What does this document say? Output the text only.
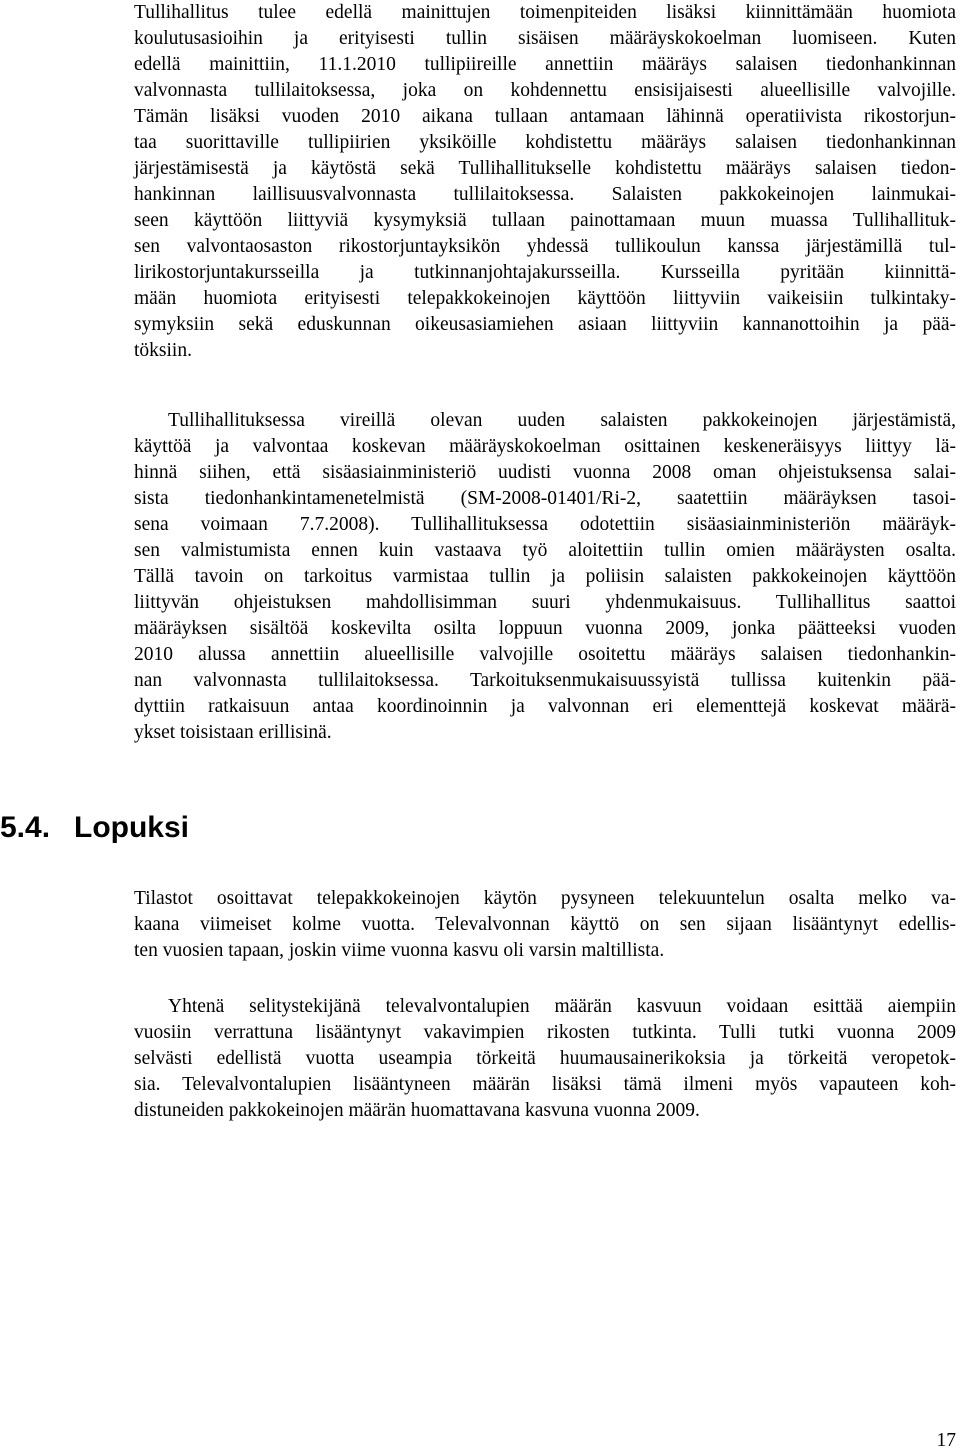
Tullihallitus tulee edellä mainittujen toimenpiteiden lisäksi kiinnittämään huomiota
koulutusasioihin ja erityisesti tullin sisäisen määräyskokoelman luomiseen. Kuten
edellä mainittiin, 11.1.2010 tullipiireille annettiin määräys salaisen tiedonhankinnan
valvonnasta tullilaitoksessa, joka on kohdennettu ensisijaisesti alueellisille valvojille.
Tämän lisäksi vuoden 2010 aikana tullaan antamaan lähinnä operatiivista rikostorjun-
taa suorittaville tullipiirien yksiköille kohdistettu määräys salaisen tiedonhankinnan
järjestämisestä ja käytöstä sekä Tullihallitukselle kohdistettu määräys salaisen tiedon-
hankinnan laillisuusvalvonnasta tullilaitoksessa. Salaisten pakkokeinojen lainmukai-
seen käyttöön liittyviä kysymyksiä tullaan painottamaan muun muassa Tullihallituk-
sen valvontaosaston rikostorjuntayksikön yhdessä tullikoulun kanssa järjestämillä tul-
lirikostorjuntakursseilla ja tutkinnanjohtajakursseilla. Kursseilla pyritään kiinnittä-
mään huomiota erityisesti telepakkokeinojen käyttöön liittyviin vaikeisiin tulkintaky-
symyksiin sekä eduskunnan oikeusasiamiehen asiaan liittyviin kannanottoihin ja pää-
töksiin.
Tullihallituksessa vireillä olevan uuden salaisten pakkokeinojen järjestämistä,
käyttöä ja valvontaa koskevan määräyskokoelman osittainen keskeneräisyys liittyy lä-
hinnä siihen, että sisäasiainministeriö uudisti vuonna 2008 oman ohjeistuksensa salai-
sista tiedonhankintamenetelmistä (SM-2008-01401/Ri-2, saatettiin määräyksen tasoi-
sena voimaan 7.7.2008). Tullihallituksessa odotettiin sisäasiainministeriön määräyk-
sen valmistumista ennen kuin vastaava työ aloitettiin tullin omien määräysten osalta.
Tällä tavoin on tarkoitus varmistaa tullin ja poliisin salaisten pakkokeinojen käyttöön
liittyvän ohjeistuksen mahdollisimman suuri yhdenmukaisuus. Tullihallitus saattoi
määräyksen sisältöä koskevilta osilta loppuun vuonna 2009, jonka päätteeksi vuoden
2010 alussa annettiin alueellisille valvojille osoitettu määräys salaisen tiedonhankin-
nan valvonnasta tullilaitoksessa. Tarkoituksenmukaisuussyistä tullissa kuitenkin pää-
dyttiin ratkaisuun antaa koordinoinnin ja valvonnan eri elementtejä koskevat määrä-
ykset toisistaan erillisinä.
5.4. Lopuksi
Tilastot osoittavat telepakkokeinojen käytön pysyneen telekuuntelun osalta melko va-
kaana viimeiset kolme vuotta. Televalvonnan käyttö on sen sijaan lisääntynyt edellis-
ten vuosien tapaan, joskin viime vuonna kasvu oli varsin maltillista.
Yhtenä selitystekijänä televalvontalupien määrän kasvuun voidaan esittää aiempiin
vuosiin verrattuna lisääntynyt vakavimpien rikosten tutkinta. Tulli tutki vuonna 2009
selvästi edellistä vuotta useampia törkeitä huumausainerikoksia ja törkeitä veropetok-
sia. Televalvontalupien lisääntyneen määrän lisäksi tämä ilmeni myös vapauteen koh-
distuneiden pakkokeinojen määrän huomattavana kasvuna vuonna 2009.
17
